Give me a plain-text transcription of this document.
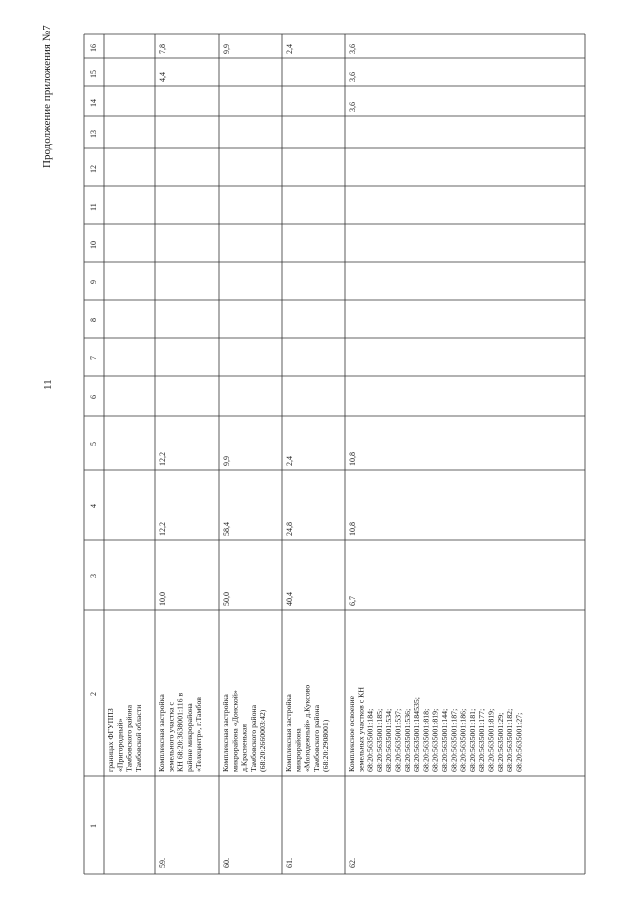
Продолжение приложения №7
11
1
2
3
4
5
6
7
8
9
10
11
12
13
14
15
16
границах ФГУППЗ «Пригородный» Тамбовского района Тамбовской области
59.
Комплексная застройка земельного участка с КН 68:20:3638001:116 в районе микрорайона «Телецентр», г.Тамбов
10,0
12,2
12,2
4,4
7,8
60.
Комплексная застройка микрорайона «Донской» д.Красненькая Тамбовского района (68:20:2660003:42)
50,0
58,4
9,9
9,9
61.
Комплексная застройка микрорайона «Молодежный» д.Куксово Тамбовского района (68:20:2908001)
40,4
24,8
2,4
2,4
62.
Комплексное освоение земельных участков с КН 68:20:5635001:184; 68:20:5635001:185; 68:20:5635001:534; 68:20:5635001:537; 68:20:5635001:536; 68:20:5635001:184535; 68:20:5635001:818; 68:20:5635001:819; 68:20:5635001:144; 68:20:5635001:187; 68:20:5635001:186; 68:20:5635001:181; 68:20:5635001:177; 68:20:5635001:819; 68:20:5635001:29; 68:20:5635001:182; 68:20:5635001:27;
6,7
10,8
10,8
3,6
3,6
3,6
